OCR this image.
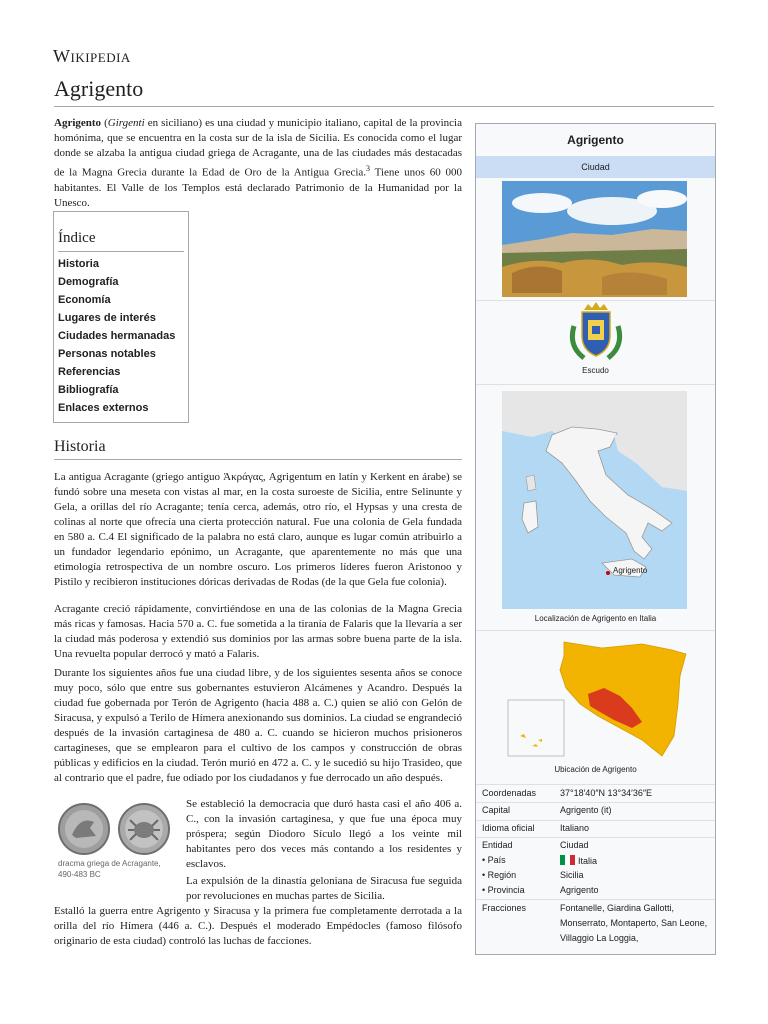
Wikipedia
Agrigento
Agrigento (Girgenti en siciliano) es una ciudad y municipio italiano, capital de la provincia homónima, que se encuentra en la costa sur de la isla de Sicilia. Es conocida como el lugar donde se alzaba la antigua ciudad griega de Acragante, una de las ciudades más destacadas de la Magna Grecia durante la Edad de Oro de la Antigua Grecia.$^3$ Tiene unos 60 000 habitantes. El Valle de los Templos está declarado Patrimonio de la Humanidad por la Unesco.
Índice
Historia
Demografía
Economía
Lugares de interés
Ciudades hermanadas
Personas notables
Referencias
Bibliografía
Enlaces externos
Historia
La antigua Acragante (griego antiguo Ἀκράγας, Agrigentum en latín y Kerkent en árabe) se fundó sobre una meseta con vistas al mar, en la costa suroeste de Sicilia, entre Selinunte y Gela, a orillas del río Acragante; tenía cerca, además, otro río, el Hypsas y una cresta de colinas al norte que ofrecía una cierta protección natural. Fue una colonia de Gela fundada en 580 a. C.4 El significado de la palabra no está claro, aunque es lugar común atribuirlo a un fundador legendario epónimo, un Acragante, que aparentemente no más que una etimología retrospectiva de un nombre oscuro. Los primeros líderes fueron Aristonoo y Pistilo y recibieron instituciones dóricas derivadas de Rodas (de la que Gela fue colonia).
Acragante creció rápidamente, convirtiéndose en una de las colonias de la Magna Grecia más ricas y famosas. Hacia 570 a. C. fue sometida a la tiranía de Falaris que la llevaría a ser la ciudad más poderosa y extendió sus dominios por las armas sobre buena parte de la isla. Una revuelta popular derrocó y mató a Falaris.
Durante los siguientes años fue una ciudad libre, y de los siguientes sesenta años se conoce muy poco, sólo que entre sus gobernantes estuvieron Alcámenes y Acandro. Después la ciudad fue gobernada por Terón de Agrigento (hacia 488 a. C.) quien se alió con Gelón de Siracusa, y expulsó a Terilo de Hímera anexionando sus dominios. La ciudad se engrandeció después de la invasión cartaginesa de 480 a. C. cuando se hicieron muchos prisioneros cartagineses, que se emplearon para el cultivo de los campos y construcción de obras públicas y edificios en la ciudad. Terón murió en 472 a. C. y le sucedió su hijo Trasideo, que al contrario que el padre, fue odiado por los ciudadanos y fue derrocado un año después.
dracma griega de Acragante, 490-483 BC
Se estableció la democracia que duró hasta casi el año 406 a. C., con la invasión cartaginesa, y que fue una época muy próspera; según Diodoro Sículo llegó a los veinte mil habitantes pero dos veces más contando a los residentes y esclavos.
La expulsión de la dinastía geloniana de Siracusa fue seguida por revoluciones en muchas partes de Sicilia.
Estalló la guerra entre Agrigento y Siracusa y la primera fue completamente derrotada a la orilla del río Hímera (446 a. C.). Después el moderado Empédocles (famoso filósofo originario de esta ciudad) controló las luchas de facciones.
Agrigento
Ciudad
Escudo
Agrigento
Localización de Agrigento en Italia
Ubicación de Agrigento
Coordenadas	37°18′40″N 13°34′36″E
Capital	Agrigento (it)
Idioma oficial	Italiano
Entidad	Ciudad
• País	Italia
• Región	Sicilia
• Provincia	Agrigento
Fracciones	Fontanelle, Giardina Gallotti, Monserrato, Montaperto, San Leone, Villaggio La Loggia,
